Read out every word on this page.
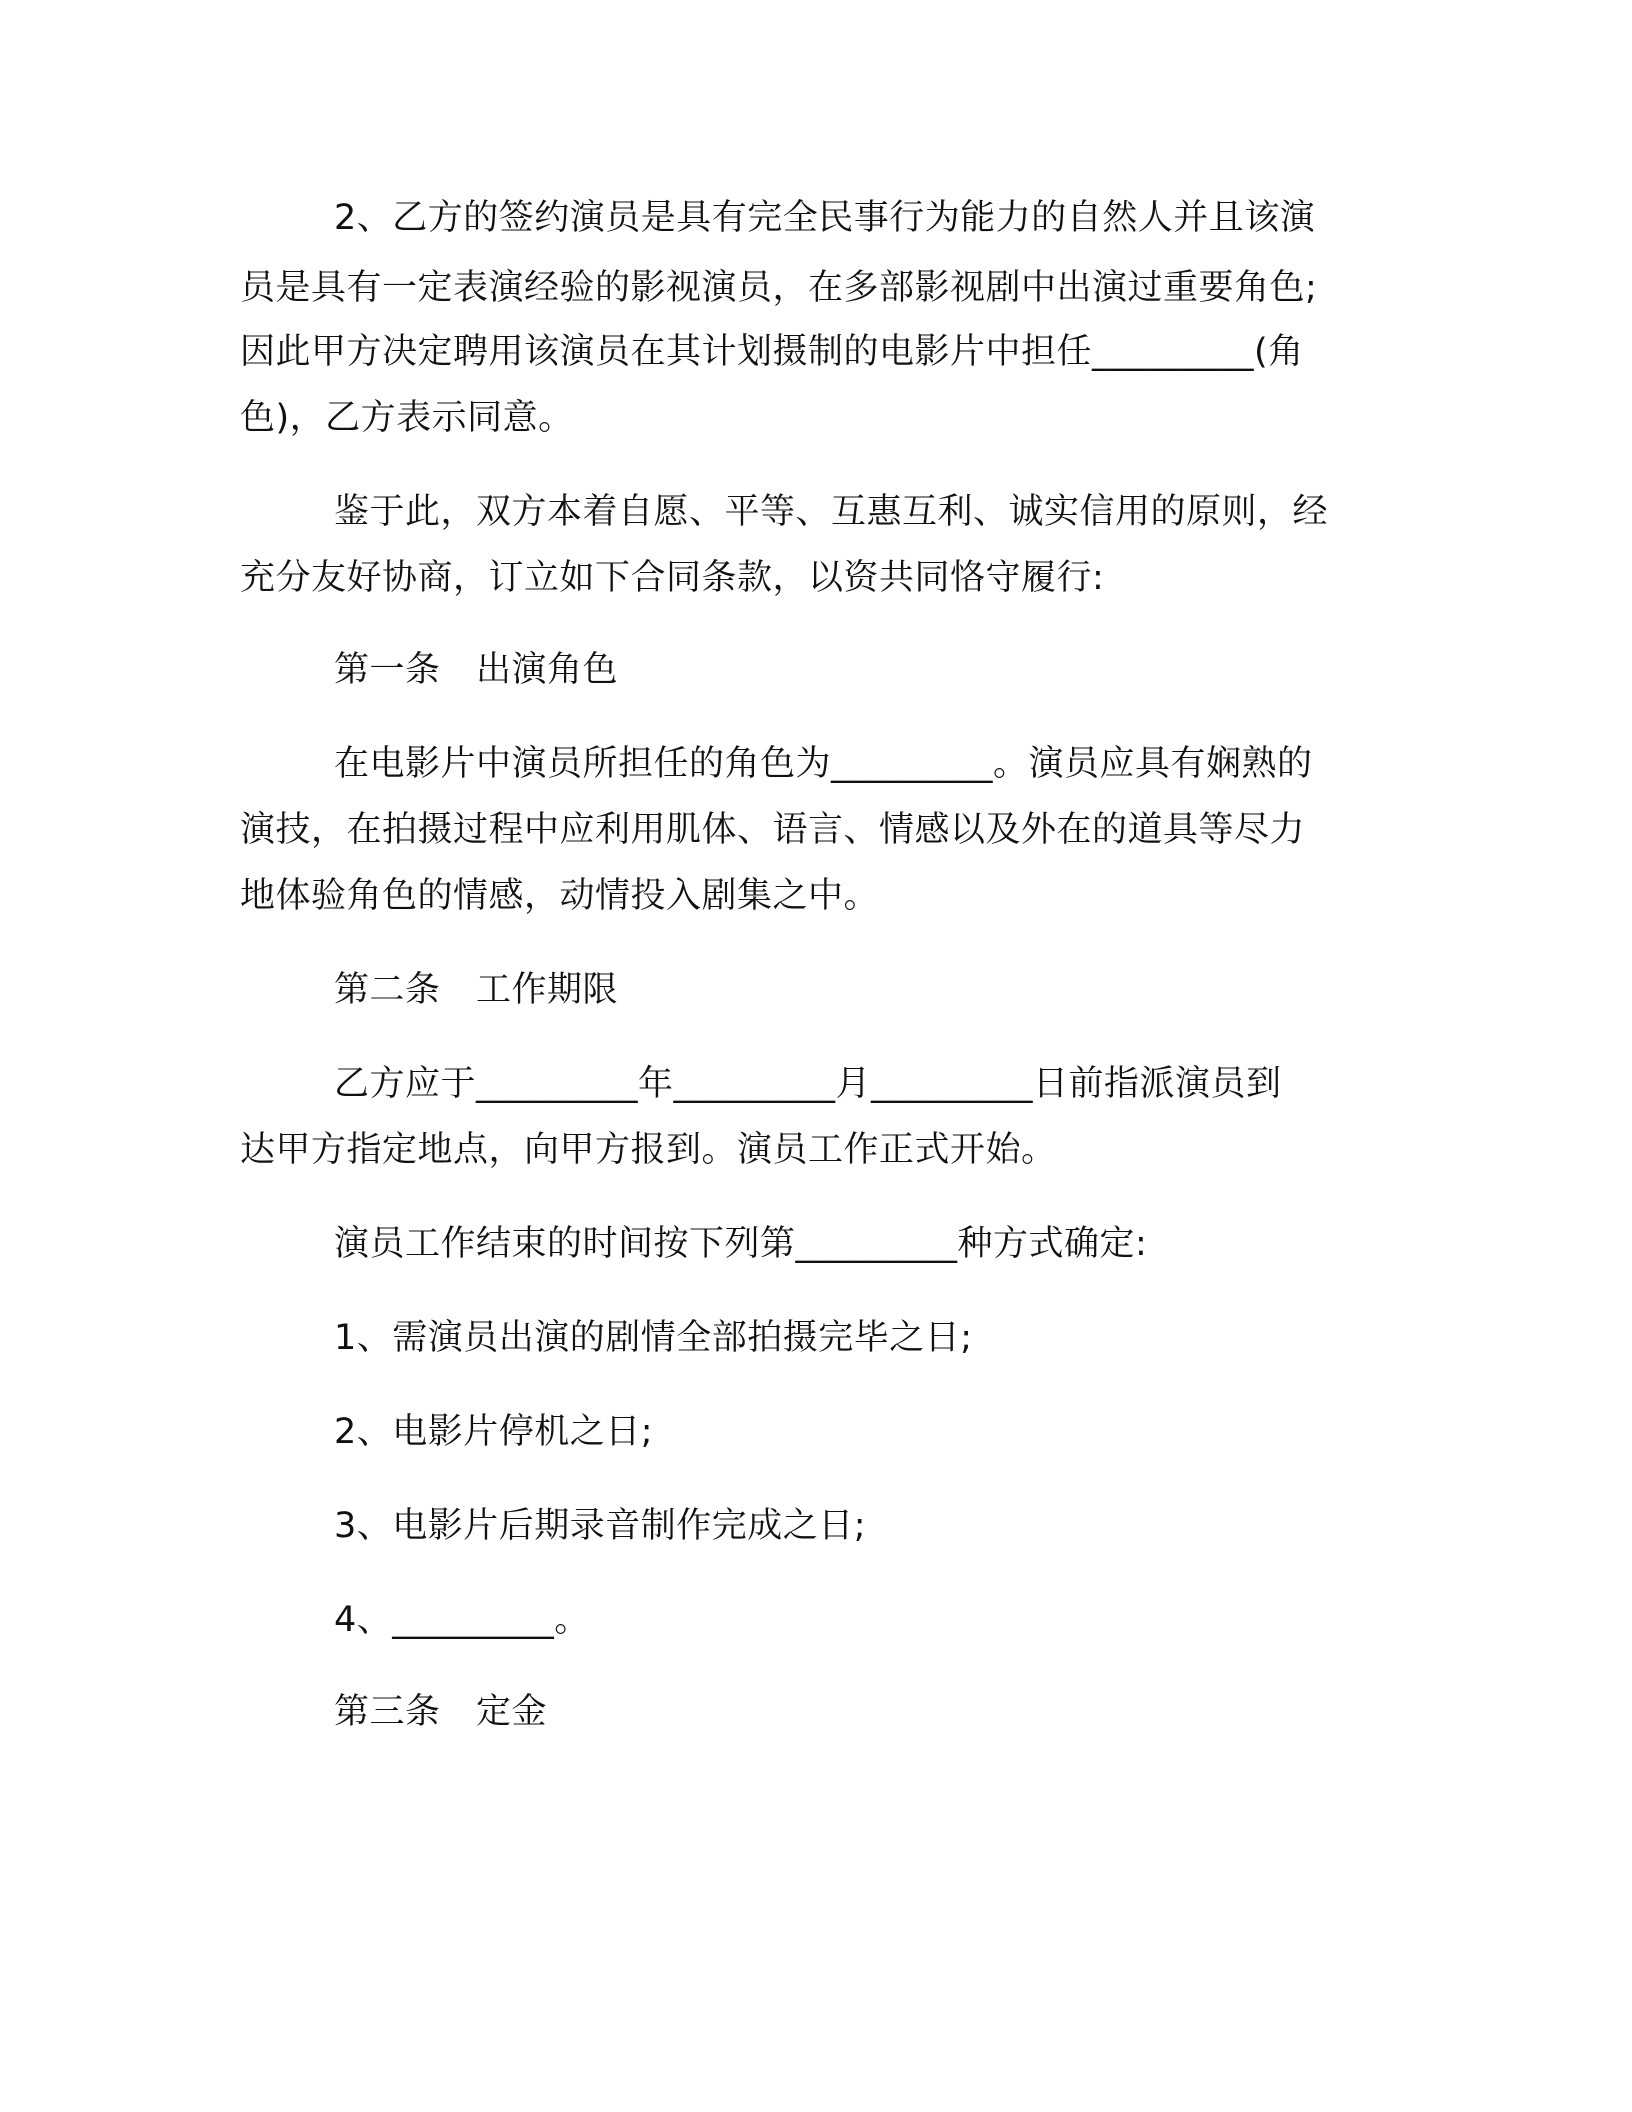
2、乙方的签约演员是具有完全民事行为能力的自然人并且该演
员是具有一定表演经验的影视演员，在多部影视剧中出演过重要角色;
因此甲方决定聘用该演员在其计划摄制的电影片中担任_________(角
色)，乙方表示同意。
鉴于此，双方本着自愿、平等、互惠互利、诚实信用的原则，经
充分友好协商，订立如下合同条款，以资共同恪守履行:
第一条　出演角色
在电影片中演员所担任的角色为_________。演员应具有娴熟的
演技，在拍摄过程中应利用肌体、语言、情感以及外在的道具等尽力
地体验角色的情感，动情投入剧集之中。
第二条　工作期限
乙方应于_________年_________月_________日前指派演员到
达甲方指定地点，向甲方报到。演员工作正式开始。
演员工作结束的时间按下列第_________种方式确定:
1、需演员出演的剧情全部拍摄完毕之日;
2、电影片停机之日;
3、电影片后期录音制作完成之日;
4、_________。
第三条　定金
